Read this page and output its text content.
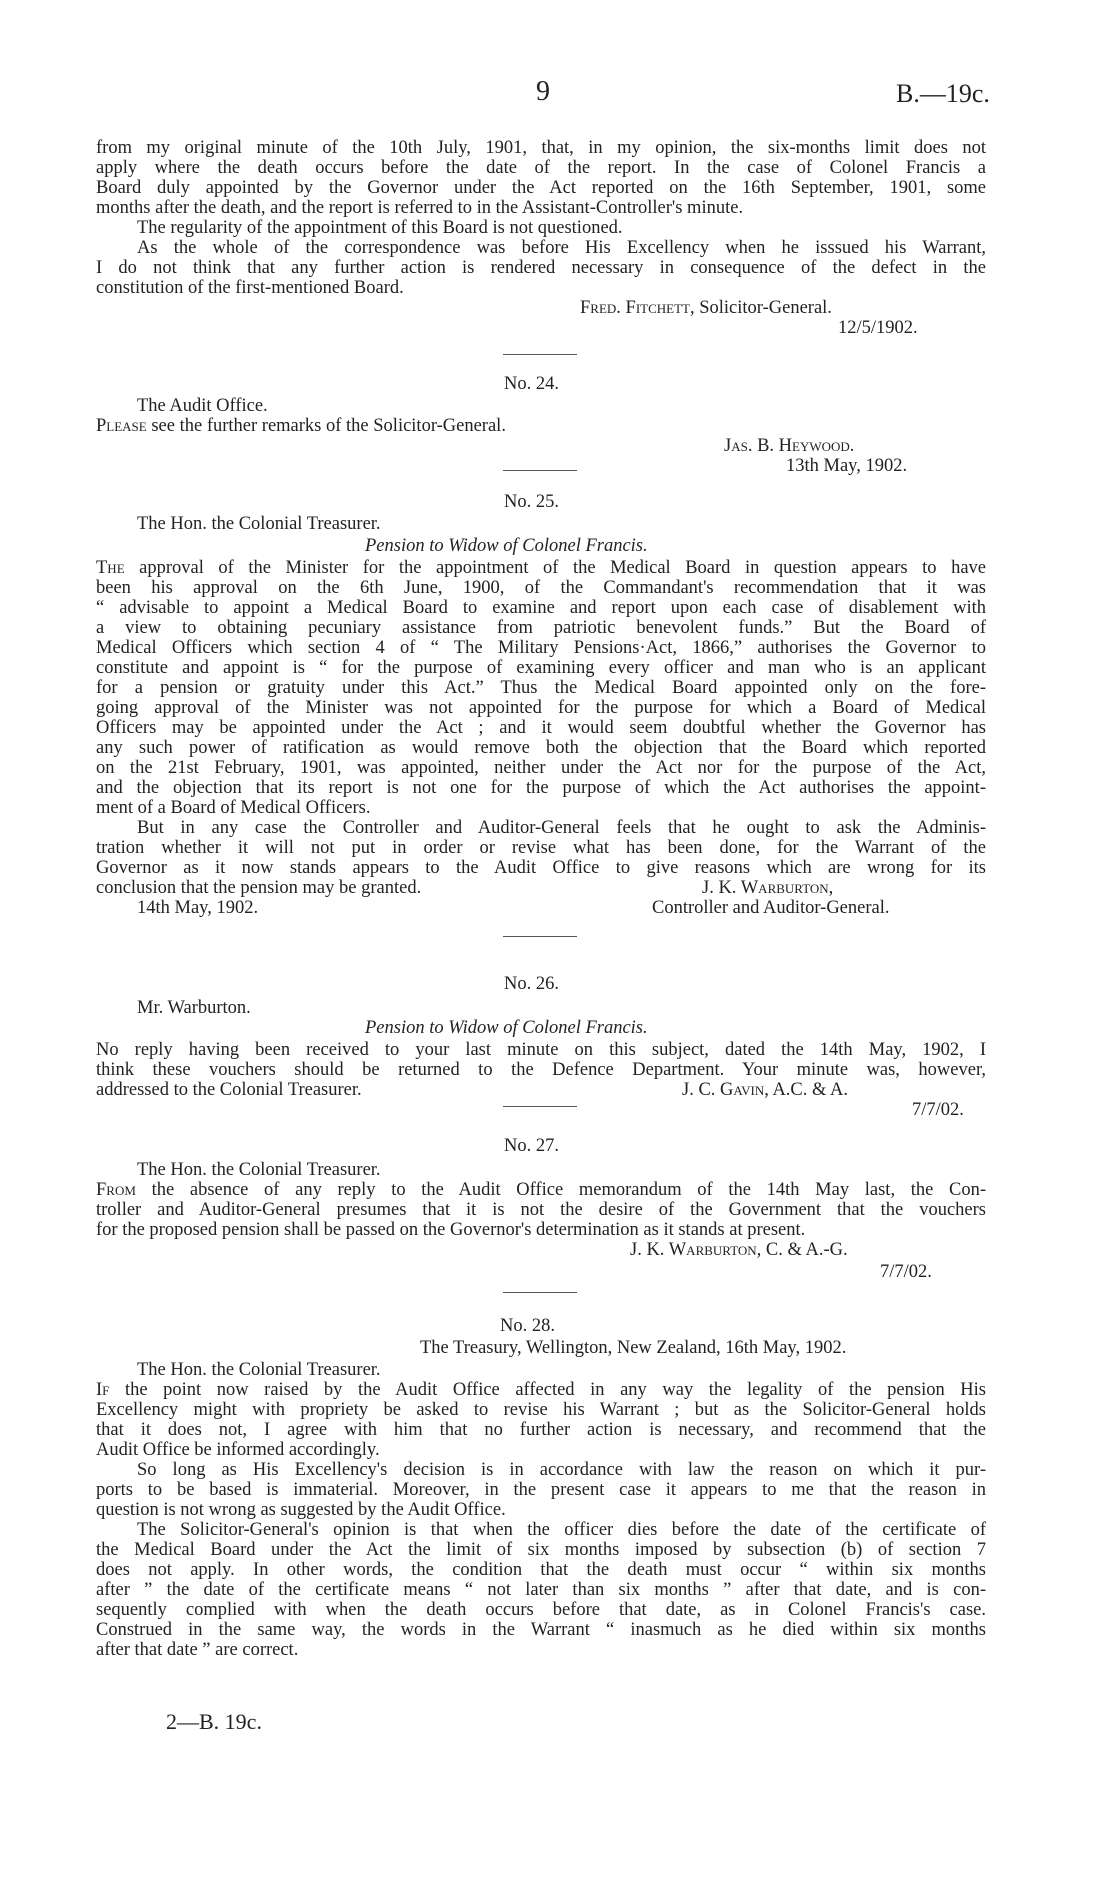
9	B.—19c.
from my original minute of the 10th July, 1901, that, in my opinion, the six-months limit does not
apply where the death occurs before the date of the report. In the case of Colonel Francis a
Board duly appointed by the Governor under the Act reported on the 16th September, 1901, some
months after the death, and the report is referred to in the Assistant-Controller's minute.
The regularity of the appointment of this Board is not questioned.
As the whole of the correspondence was before His Excellency when he isssued his Warrant,
I do not think that any further action is rendered necessary in consequence of the defect in the
constitution of the first-mentioned Board.
Fred. Fitchett, Solicitor-General.
12/5/1902.
No. 24.
The Audit Office.
Please see the further remarks of the Solicitor-General.
Jas. B. Heywood.
13th May, 1902.
No. 25.
The Hon. the Colonial Treasurer.
Pension to Widow of Colonel Francis.
The approval of the Minister for the appointment of the Medical Board in question appears to have
been his approval on the 6th June, 1900, of the Commandant's recommendation that it was
“ advisable to appoint a Medical Board to examine and report upon each case of disablement with
a view to obtaining pecuniary assistance from patriotic benevolent funds.” But the Board of
Medical Officers which section 4 of “ The Military Pensions·Act, 1866,” authorises the Governor to
constitute and appoint is “ for the purpose of examining every officer and man who is an applicant
for a pension or gratuity under this Act.” Thus the Medical Board appointed only on the fore-
going approval of the Minister was not appointed for the purpose for which a Board of Medical
Officers may be appointed under the Act ; and it would seem doubtful whether the Governor has
any such power of ratification as would remove both the objection that the Board which reported
on the 21st February, 1901, was appointed, neither under the Act nor for the purpose of the Act,
and the objection that its report is not one for the purpose of which the Act authorises the appoint-
ment of a Board of Medical Officers.
But in any case the Controller and Auditor-General feels that he ought to ask the Adminis-
tration whether it will not put in order or revise what has been done, for the Warrant of the
Governor as it now stands appears to the Audit Office to give reasons which are wrong for its
conclusion that the pension may be granted.	J. K. Warburton,
14th May, 1902.	Controller and Auditor-General.
No. 26.
Mr. Warburton.
Pension to Widow of Colonel Francis.
No reply having been received to your last minute on this subject, dated the 14th May, 1902, I
think these vouchers should be returned to the Defence Department. Your minute was, however,
addressed to the Colonial Treasurer.	J. C. Gavin, A.C. & A.
7/7/02.
No. 27.
The Hon. the Colonial Treasurer.
From the absence of any reply to the Audit Office memorandum of the 14th May last, the Con-
troller and Auditor-General presumes that it is not the desire of the Government that the vouchers
for the proposed pension shall be passed on the Governor's determination as it stands at present.
J. K. Warburton, C. & A.-G.
7/7/02.
No. 28.
The Treasury, Wellington, New Zealand, 16th May, 1902.
The Hon. the Colonial Treasurer.
If the point now raised by the Audit Office affected in any way the legality of the pension His
Excellency might with propriety be asked to revise his Warrant ; but as the Solicitor-General holds
that it does not, I agree with him that no further action is necessary, and recommend that the
Audit Office be informed accordingly.
So long as His Excellency's decision is in accordance with law the reason on which it pur-
ports to be based is immaterial. Moreover, in the present case it appears to me that the reason in
question is not wrong as suggested by the Audit Office.
The Solicitor-General's opinion is that when the officer dies before the date of the certificate of
the Medical Board under the Act the limit of six months imposed by subsection (b) of section 7
does not apply. In other words, the condition that the death must occur “ within six months
after ” the date of the certificate means “ not later than six months ” after that date, and is con-
sequently complied with when the death occurs before that date, as in Colonel Francis's case.
Construed in the same way, the words in the Warrant “ inasmuch as he died within six months
after that date ” are correct.
2—B. 19c.
